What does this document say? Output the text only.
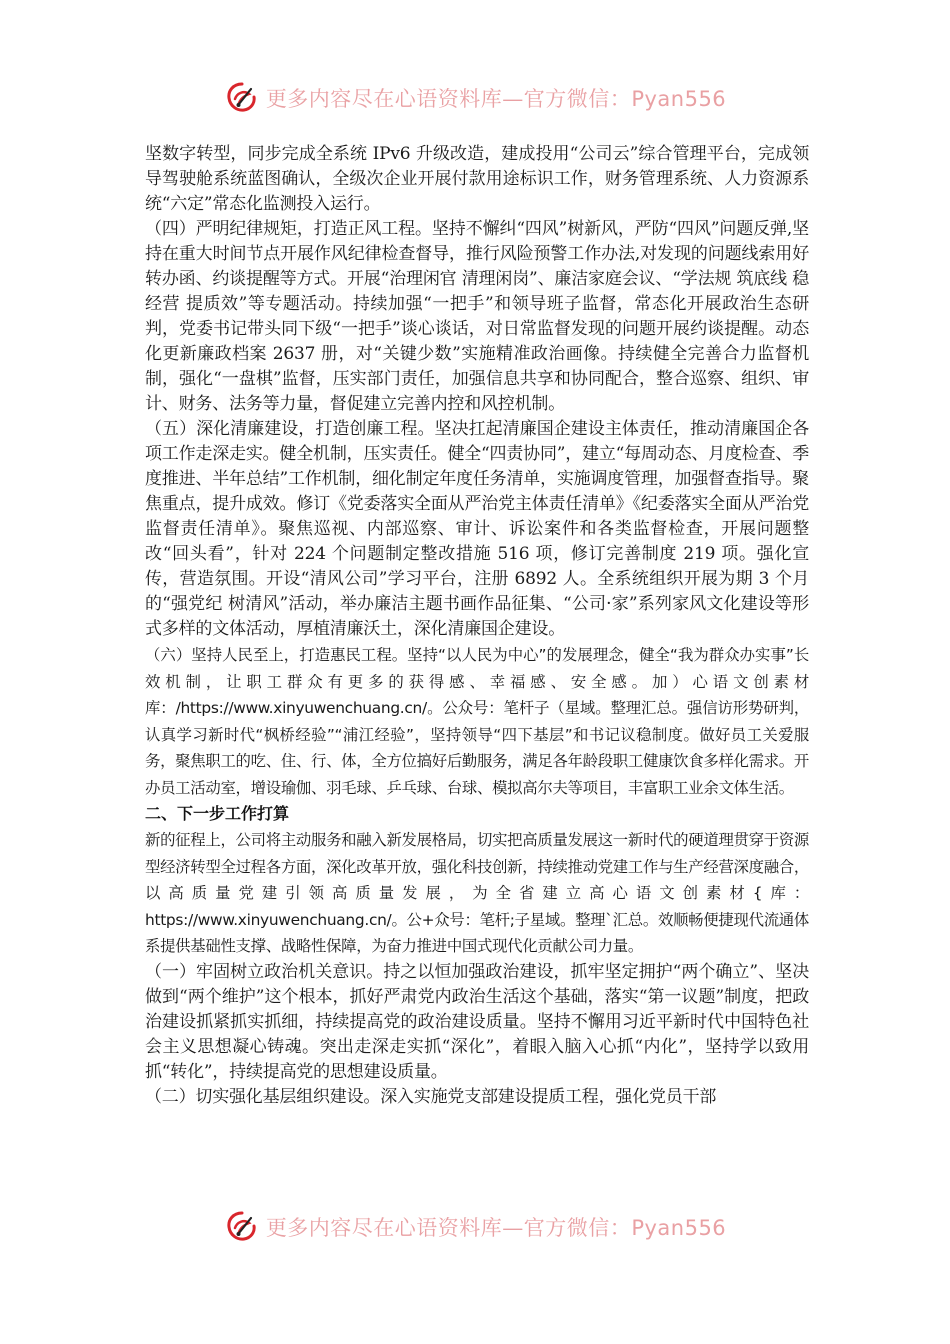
更多内容尽在心语资料库—官方微信：Pyan556

坚数字转型，同步完成全系统 IPv6 升级改造，建成投用“公司云”综合管理平台，完成领导驾驶舱系统蓝图确认，全级次企业开展付款用途标识工作，财务管理系统、人力资源系统“六定”常态化监测投入运行。

（四）严明纪律规矩，打造正风工程。坚持不懈纠“四风”树新风，严防“四风”问题反弹,坚持在重大时间节点开展作风纪律检查督导，推行风险预警工作办法,对发现的问题线索用好转办函、约谈提醒等方式。开展“治理闲官 清理闲岗”、廉洁家庭会议、“学法规 筑底线 稳经营 提质效”等专题活动。持续加强“一把手”和领导班子监督，常态化开展政治生态研判，党委书记带头同下级“一把手”谈心谈话，对日常监督发现的问题开展约谈提醒。动态化更新廉政档案 2637 册，对“关键少数”实施精准政治画像。持续健全完善合力监督机制，强化“一盘棋”监督，压实部门责任，加强信息共享和协同配合，整合巡察、组织、审计、财务、法务等力量，督促建立完善内控和风控机制。

（五）深化清廉建设，打造创廉工程。坚决扛起清廉国企建设主体责任，推动清廉国企各项工作走深走实。健全机制，压实责任。健全“四责协同”，建立“每周动态、月度检查、季度推进、半年总结”工作机制，细化制定年度任务清单，实施调度管理，加强督查指导。聚焦重点，提升成效。修订《党委落实全面从严治党主体责任清单》《纪委落实全面从严治党监督责任清单》。聚焦巡视、内部巡察、审计、诉讼案件和各类监督检查，开展问题整改“回头看”，针对 224 个问题制定整改措施 516 项，修订完善制度 219 项。强化宣传，营造氛围。开设“清风公司”学习平台，注册 6892 人。全系统组织开展为期 3 个月的“强党纪 树清风”活动，举办廉洁主题书画作品征集、“公司·家”系列家风文化建设等形式多样的文体活动，厚植清廉沃土，深化清廉国企建设。

（六）坚持人民至上，打造惠民工程。坚持“以人民为中心”的发展理念，健全“我为群众办实事”长效机制，让职工群众有更多的获得感、幸福感、安全感。加）心语文创素材库：/https://www.xinyuwenchuang.cn/。公众号：笔杆子（星域。整理汇总。强信访形势研判，认真学习新时代“枫桥经验”“浦江经验”，坚持领导“四下基层”和书记议稳制度。做好员工关爱服务，聚焦职工的吃、住、行、体，全方位搞好后勤服务，满足各年龄段职工健康饮食多样化需求。开办员工活动室，增设瑜伽、羽毛球、乒乓球、台球、模拟高尔夫等项目，丰富职工业余文体生活。

二、下一步工作打算

新的征程上，公司将主动服务和融入新发展格局，切实把高质量发展这一新时代的硬道理贯穿于资源型经济转型全过程各方面，深化改革开放，强化科技创新，持续推动党建工作与生产经营深度融合，以高质量党建引领高质量发展，为全省建立高心语文创素材{库：https://www.xinyuwenchuang.cn/。公+众号：笔杆;子星域。整理`汇总。效顺畅便捷现代流通体系提供基础性支撑、战略性保障，为奋力推进中国式现代化贡献公司力量。

（一）牢固树立政治机关意识。持之以恒加强政治建设，抓牢坚定拥护“两个确立”、坚决做到“两个维护”这个根本，抓好严肃党内政治生活这个基础，落实“第一议题”制度，把政治建设抓紧抓实抓细，持续提高党的政治建设质量。坚持不懈用习近平新时代中国特色社会主义思想凝心铸魂。突出走深走实抓“深化”，着眼入脑入心抓“内化”，坚持学以致用抓“转化”，持续提高党的思想建设质量。

（二）切实强化基层组织建设。深入实施党支部建设提质工程，强化党员干部

更多内容尽在心语资料库—官方微信：Pyan556
